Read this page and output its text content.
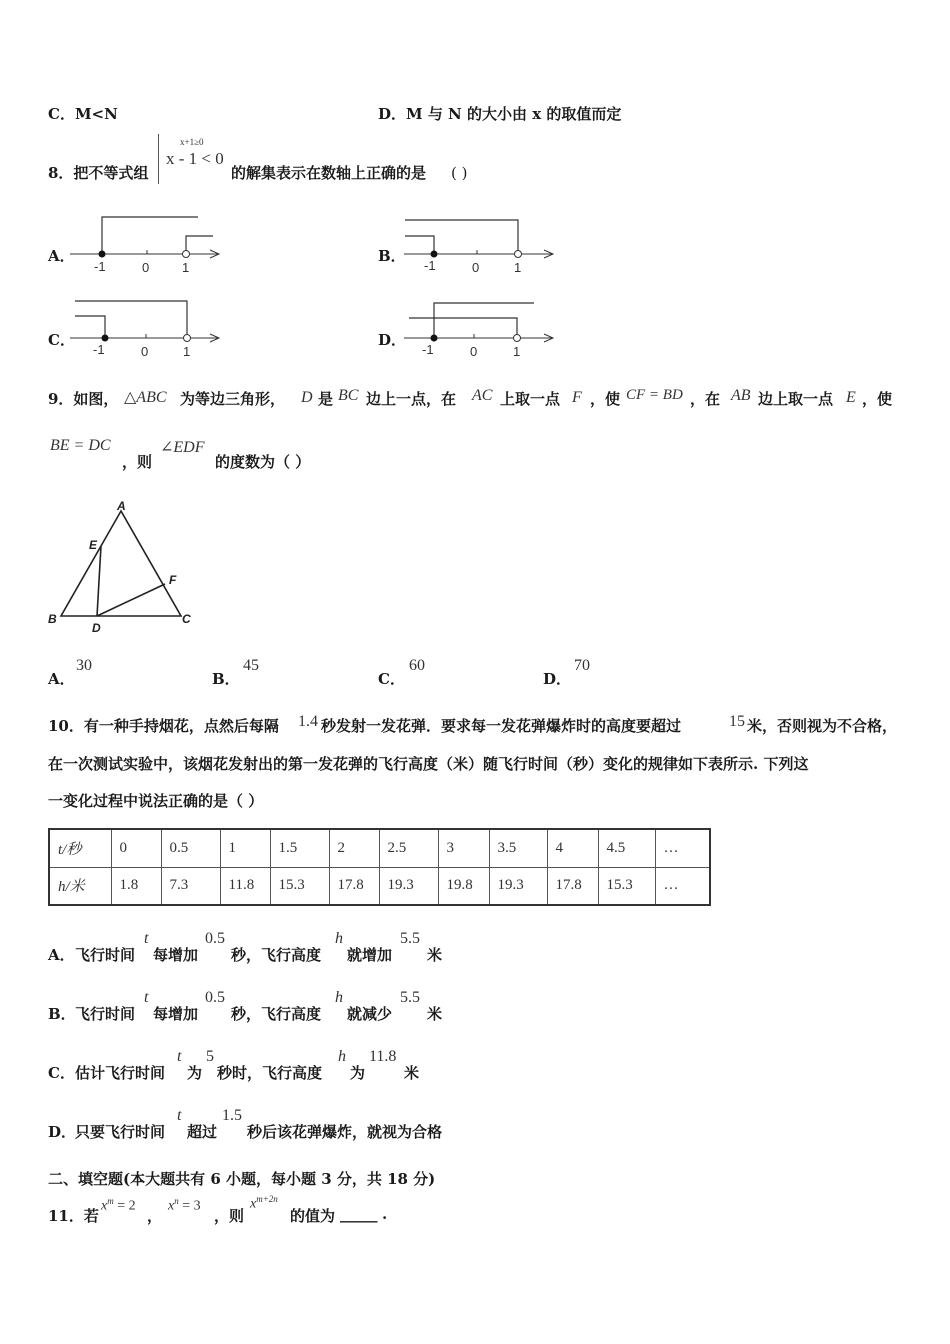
C．M<N	D．M 与 N 的大小由 x 的取值而定
8．把不等式组
x+1≥0
x - 1 < 0
的解集表示在数轴上正确的是 ( )
A．
-1	0	1
B．
-1	0	1
C．
-1	0	1
D．
-1	0	1
9．如图， △ABC 为等边三角形， D 是 BC 边上一点，在 AC 上取一点 F ，使 CF = BD ，在 AB 边上取一点 E ，使
BE = DC
，则
∠EDF
的度数为（ ）
A
E
F
B
D
C
A．
30
B．
45
C．
60
D．
70
10．有一种手持烟花，点然后每隔 1.4 秒发射一发花弹．要求每一发花弹爆炸时的高度要超过	15 米，否则视为不合格，
在一次测试实验中，该烟花发射出的第一发花弹的飞行高度（米）随飞行时间（秒）变化的规律如下表所示. 下列这
一变化过程中说法正确的是（ ）
t/秒	0	0.5	1	1.5	2	2.5	3	3.5	4	4.5	…
h/米	1.8	7.3	11.8	15.3	17.8	19.3	19.8	19.3	17.8	15.3	…
A． 飞行时间
t
每增加
0.5
秒，飞行高度
h
就增加
5.5
米
B． 飞行时间
t
每增加
0.5
秒，飞行高度
h
就减少
5.5
米
C． 估计飞行时间
t
为
5
秒时，飞行高度
h
为
11.8
米
D．
只要飞行时间
t
超过
1.5
秒后该花弹爆炸，就视为合格
二、填空题(本大题共有 6 小题，每小题 3 分，共 18 分)
11．若
$x^m = 2$
，
$x^n = 3$
，则
$x^{m+2n}$
的值为 _____ .
